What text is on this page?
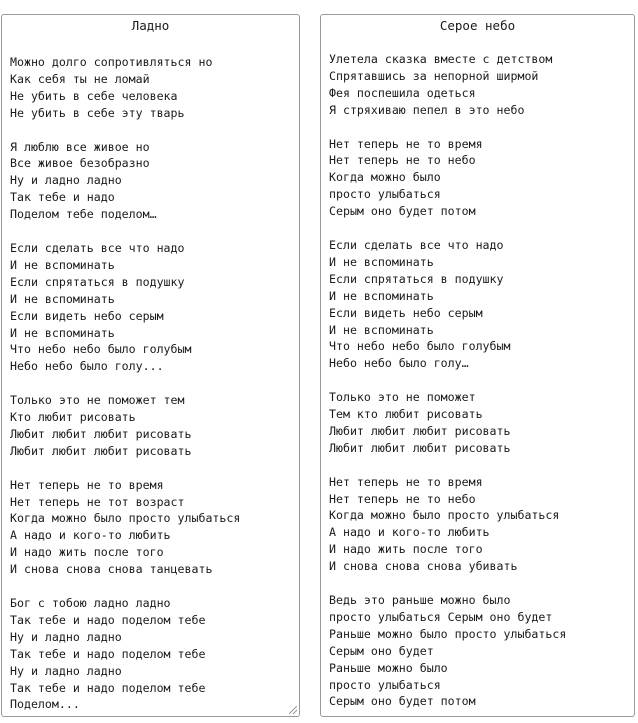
Ладно
Можно долго сопротивляться но
Как себя ты не ломай
Не убить в себе человека
Не убить в себе эту тварь

Я люблю все живое но
Все живое безобразно
Ну и ладно ладно
Так тебе и надо
Поделом тебе поделом…

Если сделать все что надо
И не вспоминать
Если спрятаться в подушку
И не вспоминать
Если видеть небо серым
И не вспоминать
Что небо небо было голубым
Небо небо было голу...

Только это не поможет тем
Кто любит рисовать
Любит любит любит рисовать
Любит любит любит рисовать

Нет теперь не то время
Нет теперь не тот возраст
Когда можно было просто улыбаться
А надо и кого-то любить
И надо жить после того
И снова снова снова танцевать

Бог с тобою ладно ладно
Так тебе и надо поделом тебе
Ну и ладно ладно
Так тебе и надо поделом тебе
Ну и ладно ладно
Так тебе и надо поделом тебе
Поделом...
Серое небо
Улетела сказка вместе с детством
Спрятавшись за непорной ширмой
Фея поспешила одеться
Я стряхиваю пепел в это небо

Нет теперь не то время
Нет теперь не то небо
Когда можно было
просто улыбаться
Серым оно будет потом

Если сделать все что надо
И не вспоминать
Если спрятаться в подушку
И не вспоминать
Если видеть небо серым
И не вспоминать
Что небо небо было голубым
Небо небо было голу…

Только это не поможет
Тем кто любит рисовать
Любит любит любит рисовать
Любит любит любит рисовать

Нет теперь не то время
Нет теперь не то небо
Когда можно было просто улыбаться
А надо и кого-то любить
И надо жить после того
И снова снова снова убивать

Ведь это раньше можно было
просто улыбаться Серым оно будет
Раньше можно было просто улыбаться
Серым оно будет
Раньше можно было
просто улыбаться
Серым оно будет потом
